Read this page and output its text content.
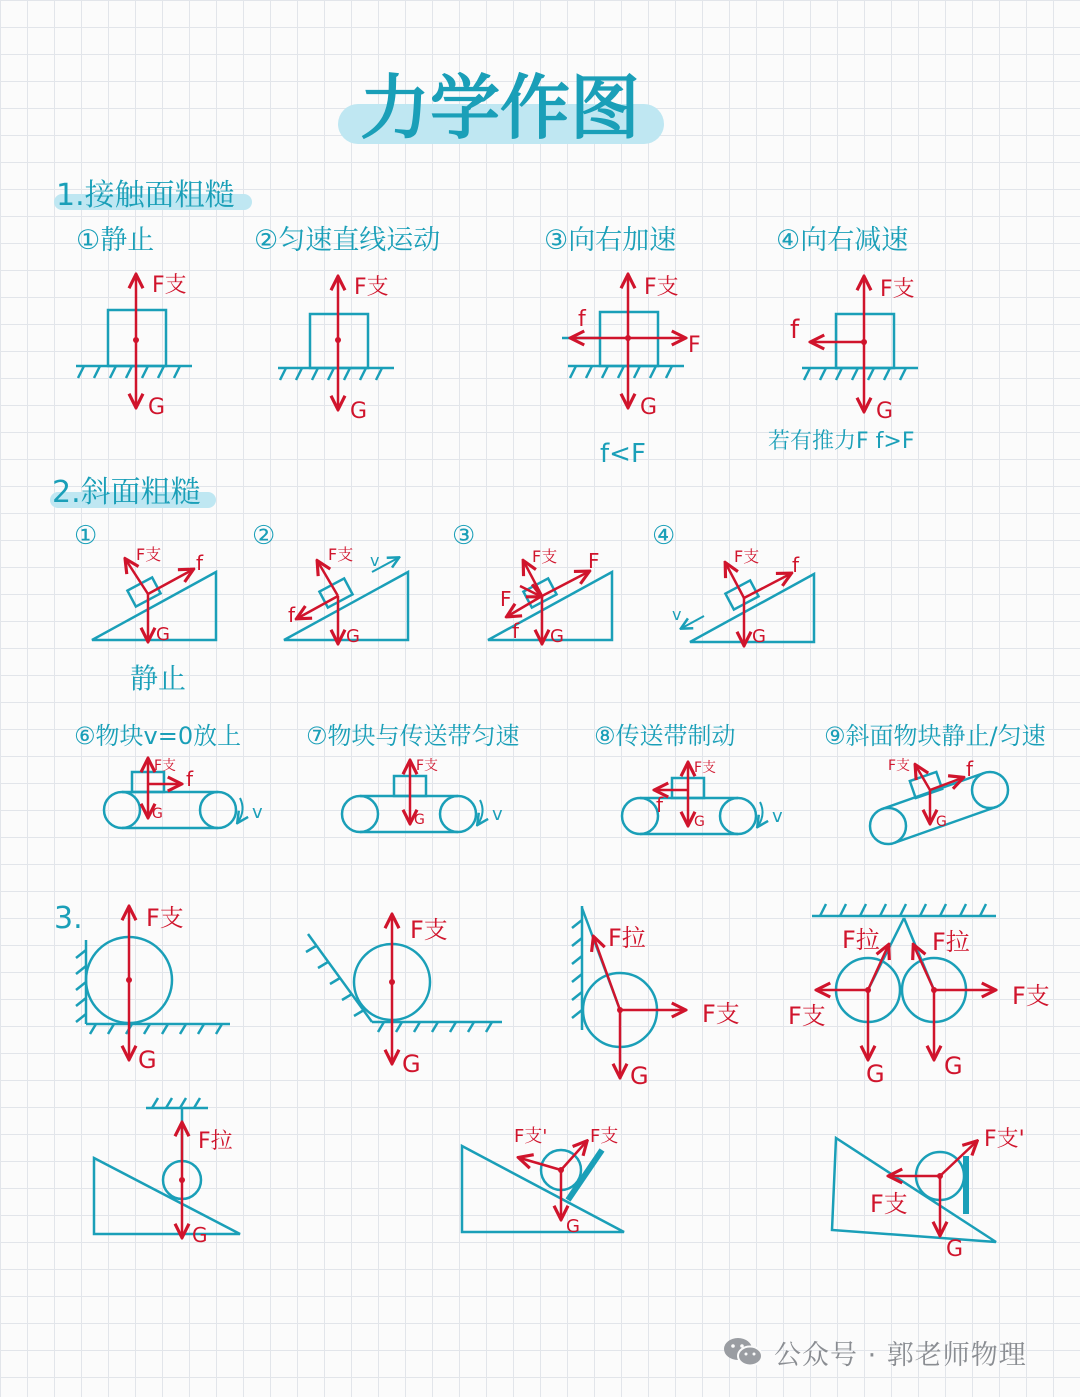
力学作图
1.接触面粗糙
①静止	②匀速直线运动	③向右加速	④向右减速
F支
G
F支
G
F支
f
F
G
f<F
F支
f
G
若有推力F f>F
2.斜面粗糙
①	②	③	④
F支 f
G
静止
F支
f
G
v	F支 F
f G
F
F支 f
G
v
⑥物块v=0放上	⑦物块与传送带匀速	⑧传送带制动	⑨斜面物块静止/匀速
F支
f
G	v
F支
G	v
F支
f
G	v
F支	f
G
3.	F支
G
F支
G
F拉
F支
G
F拉 F拉
F支
F支
G G
F拉
G
F支' F支
G
F支'
F支
G
公众号 · 郭老师物理
